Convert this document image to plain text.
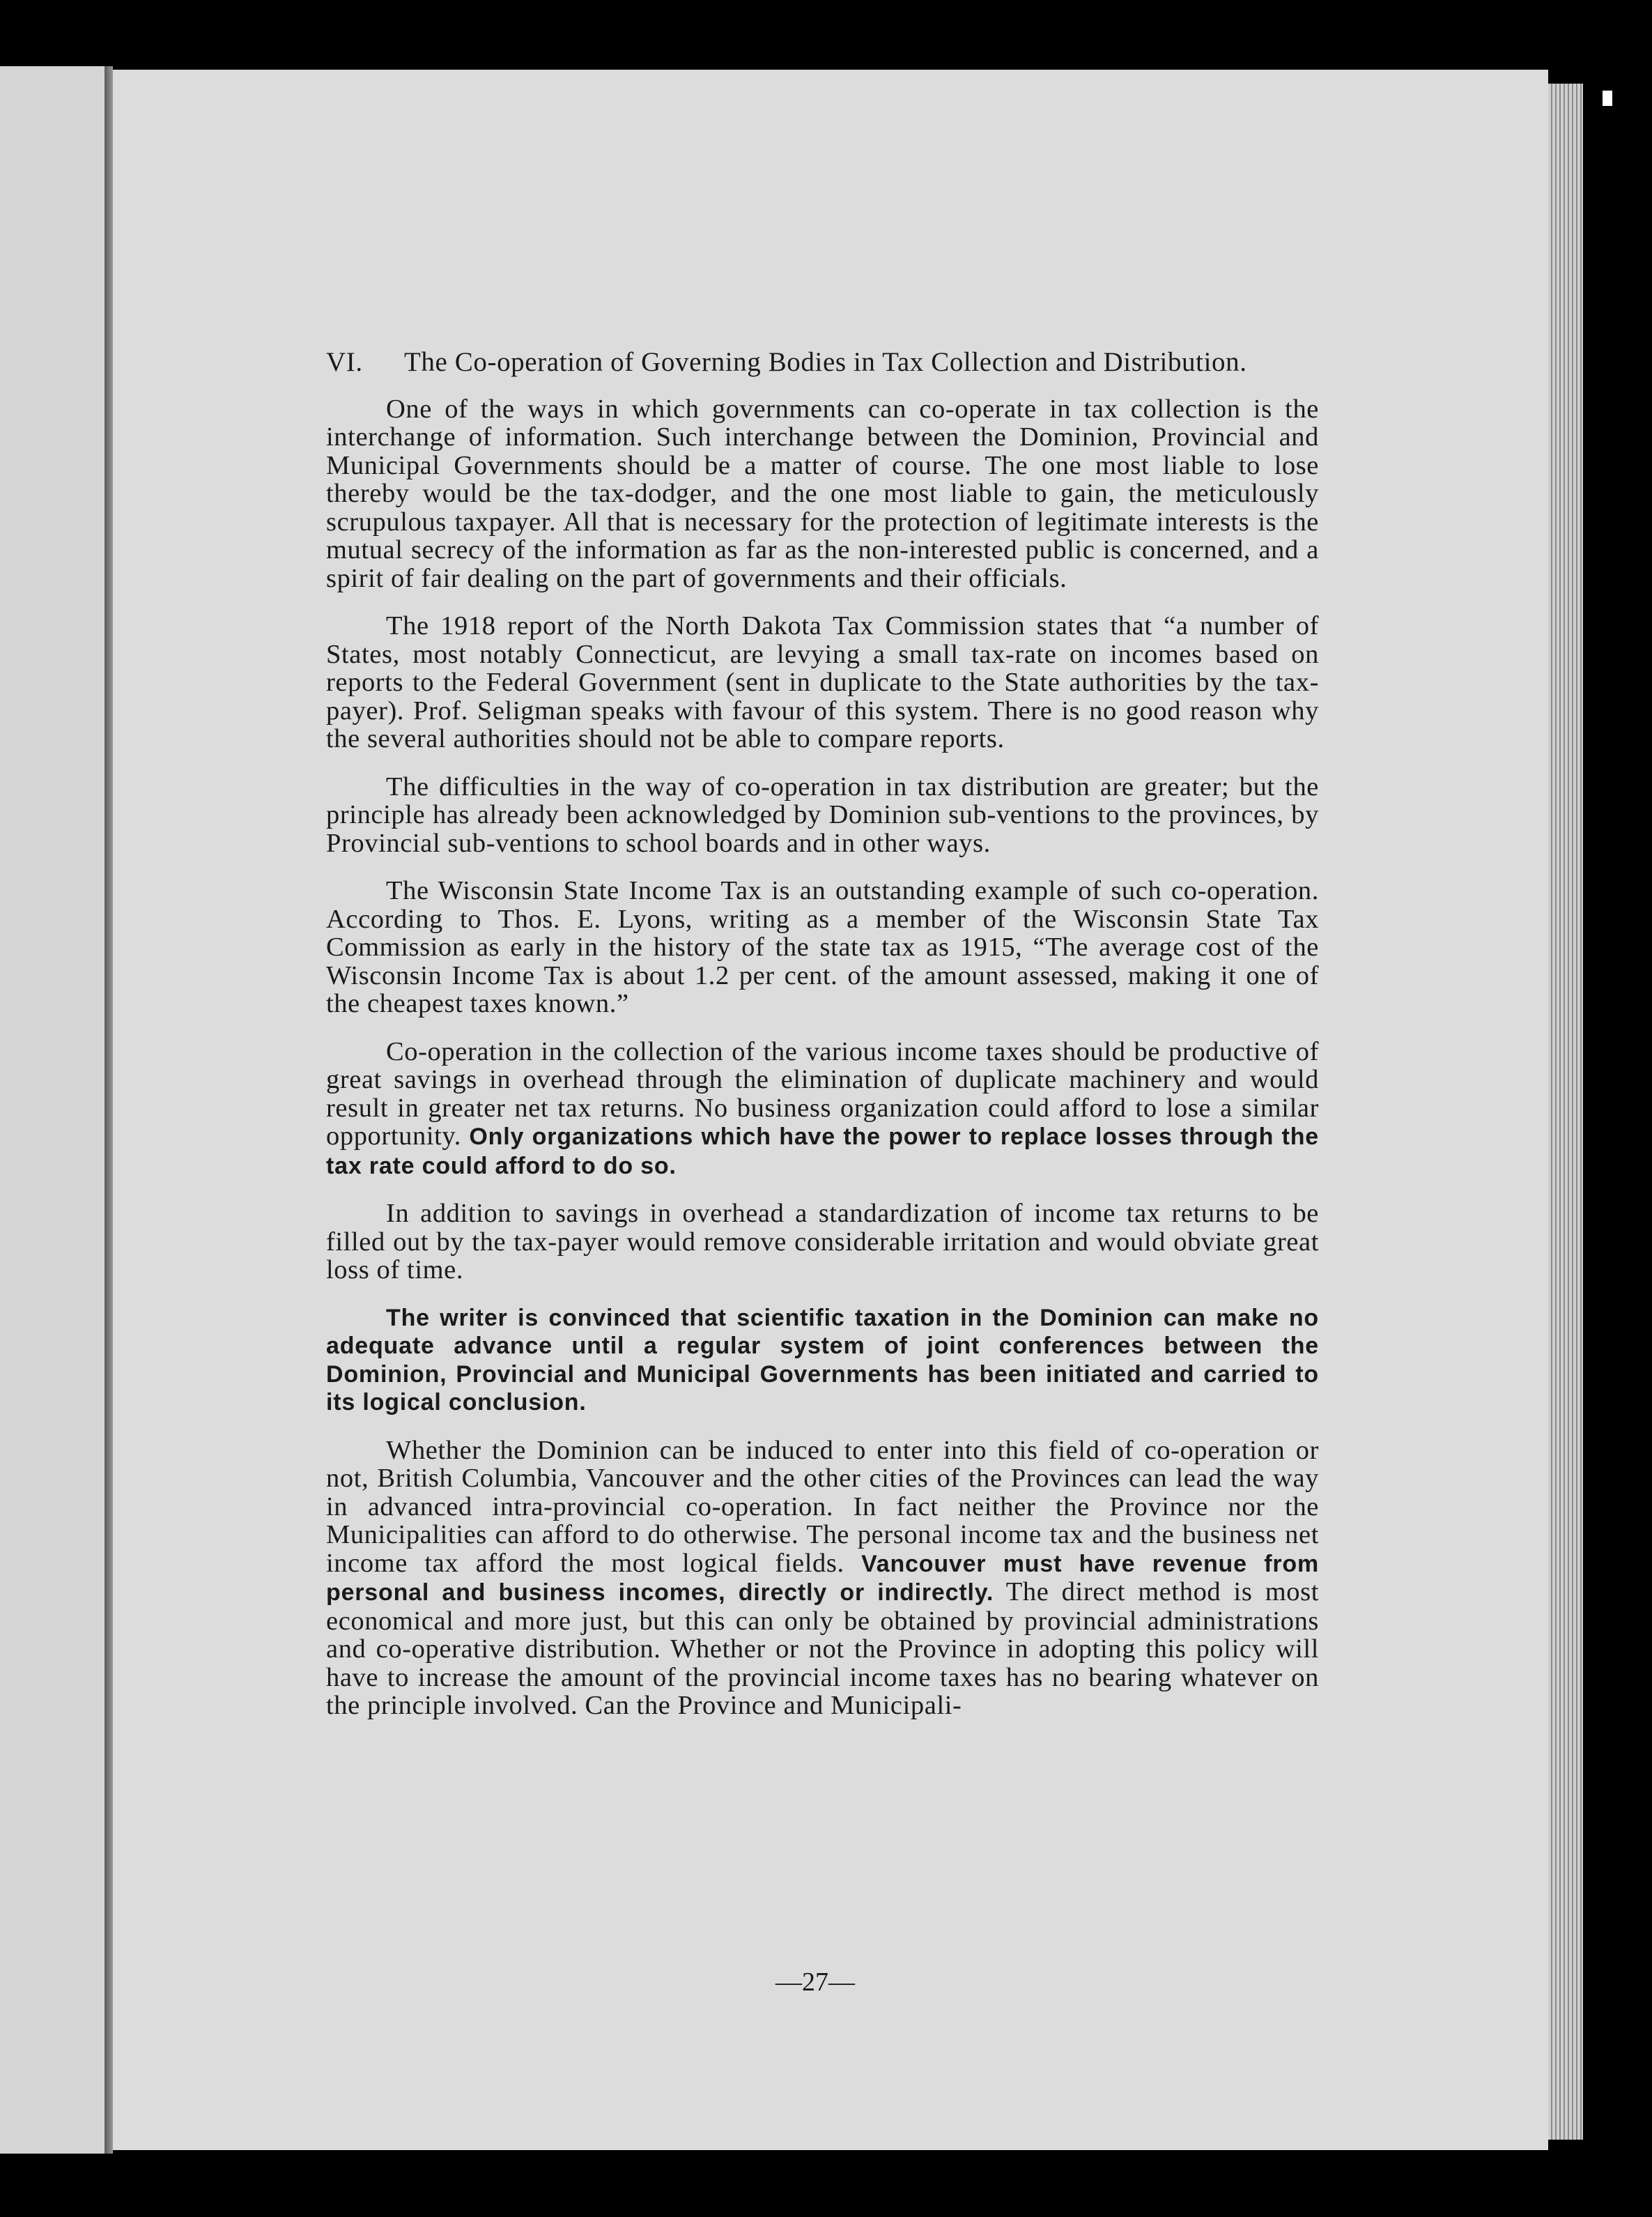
VI.	The Co-operation of Governing Bodies in Tax Collection and Distribution.

One of the ways in which governments can co-operate in tax collection is the interchange of information. Such interchange between the Dominion, Provincial and Municipal Governments should be a matter of course. The one most liable to lose thereby would be the tax-dodger, and the one most liable to gain, the meticulously scrupulous taxpayer. All that is necessary for the protection of legitimate interests is the mutual secrecy of the information as far as the non-interested public is concerned, and a spirit of fair dealing on the part of governments and their officials.

The 1918 report of the North Dakota Tax Commission states that “a number of States, most notably Connecticut, are levying a small tax-rate on incomes based on reports to the Federal Government (sent in duplicate to the State authorities by the tax-payer). Prof. Seligman speaks with favour of this system. There is no good reason why the several authorities should not be able to compare reports.

The difficulties in the way of co-operation in tax distribution are greater; but the principle has already been acknowledged by Dominion sub-ventions to the provinces, by Provincial sub-ventions to school boards and in other ways.

The Wisconsin State Income Tax is an outstanding example of such co-operation. According to Thos. E. Lyons, writing as a member of the Wisconsin State Tax Commission as early in the history of the state tax as 1915, “The average cost of the Wisconsin Income Tax is about 1.2 per cent. of the amount assessed, making it one of the cheapest taxes known.”

Co-operation in the collection of the various income taxes should be productive of great savings in overhead through the elimination of duplicate machinery and would result in greater net tax returns. No business organization could afford to lose a similar opportunity. Only organizations which have the power to replace losses through the tax rate could afford to do so.

In addition to savings in overhead a standardization of income tax returns to be filled out by the tax-payer would remove considerable irritation and would obviate great loss of time.

The writer is convinced that scientific taxation in the Dominion can make no adequate advance until a regular system of joint conferences between the Dominion, Provincial and Municipal Governments has been initiated and carried to its logical conclusion.

Whether the Dominion can be induced to enter into this field of co-operation or not, British Columbia, Vancouver and the other cities of the Provinces can lead the way in advanced intra-provincial co-operation. In fact neither the Province nor the Municipalities can afford to do otherwise. The personal income tax and the business net income tax afford the most logical fields. Vancouver must have revenue from personal and business incomes, directly or indirectly. The direct method is most economical and more just, but this can only be obtained by provincial administrations and co-operative distribution. Whether or not the Province in adopting this policy will have to increase the amount of the provincial income taxes has no bearing whatever on the principle involved. Can the Province and Municipali-

—27—
